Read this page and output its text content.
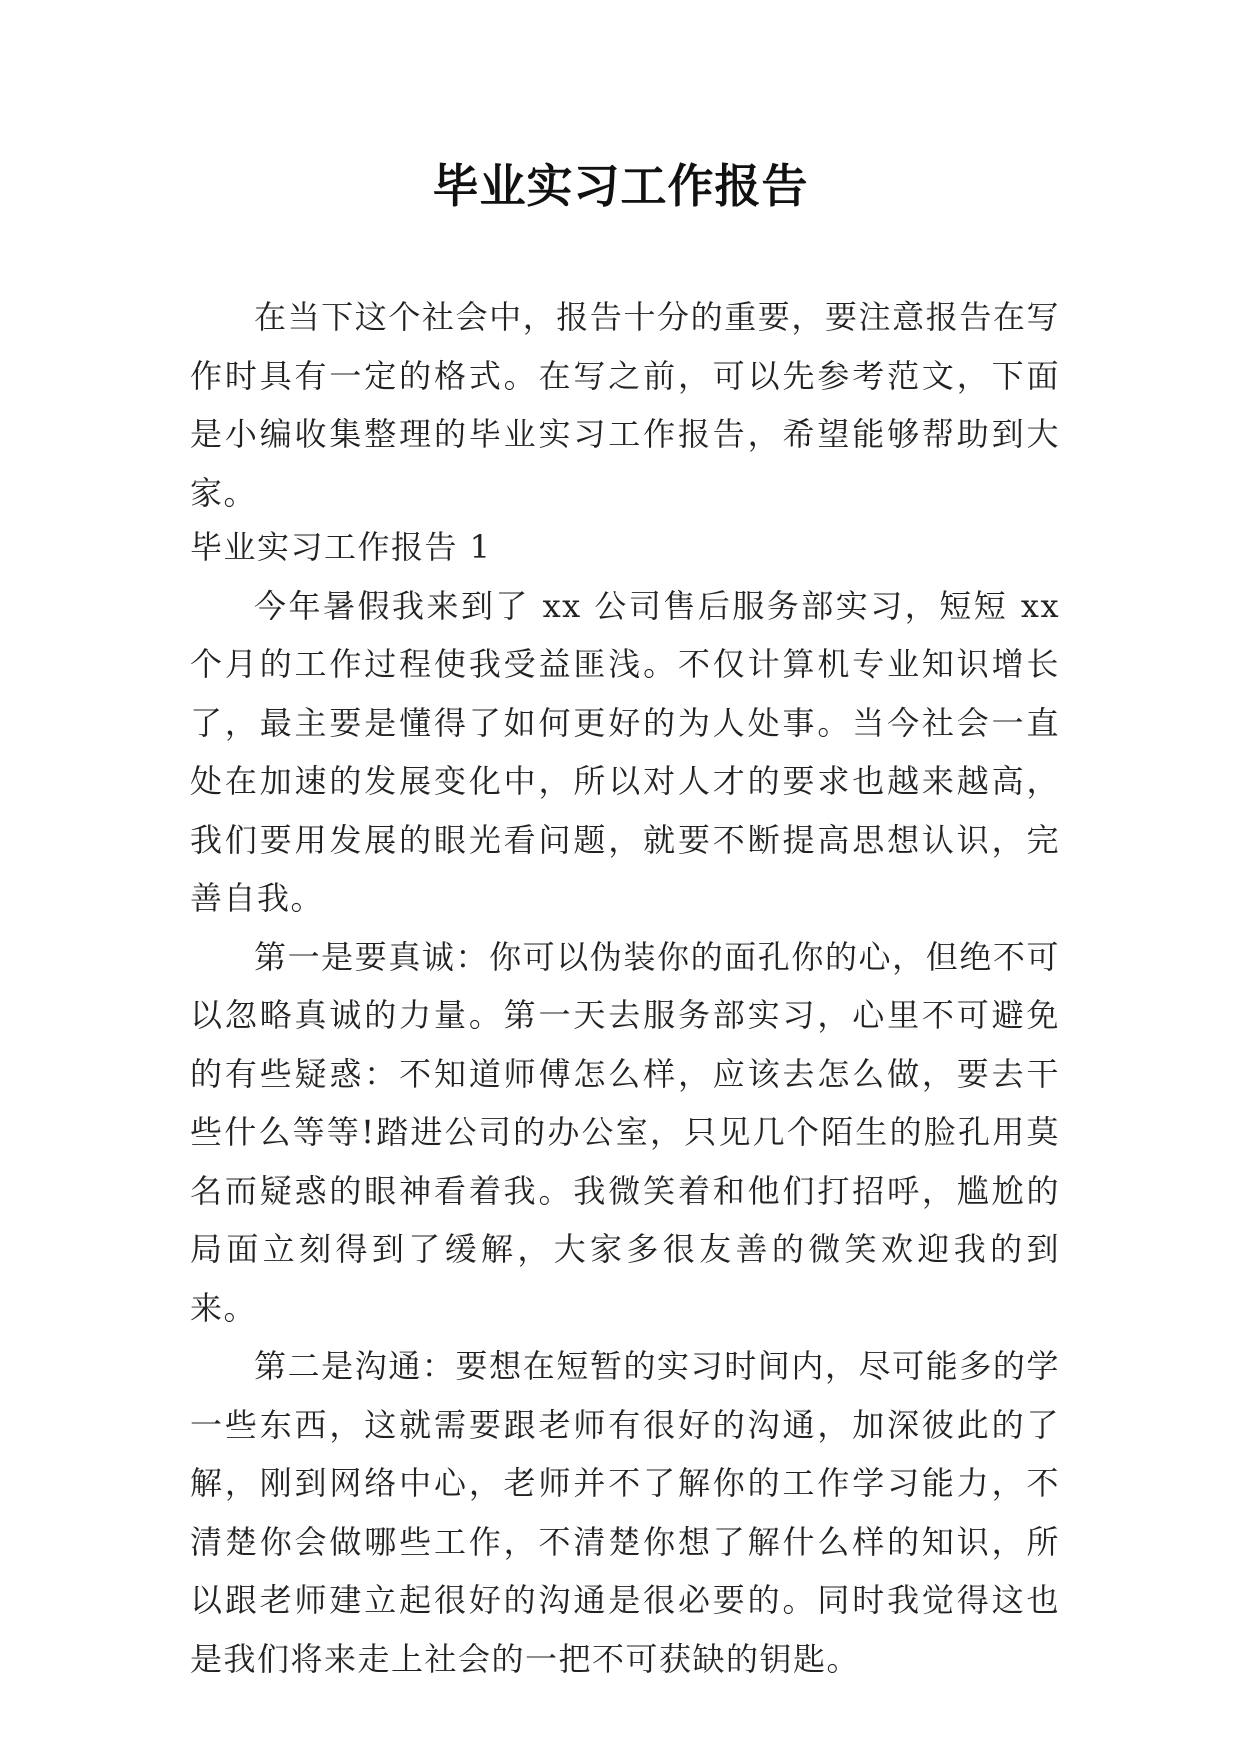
毕业实习工作报告

在当下这个社会中，报告十分的重要，要注意报告在写作时具有一定的格式。在写之前，可以先参考范文，下面是小编收集整理的毕业实习工作报告，希望能够帮助到大家。

毕业实习工作报告 1

今年暑假我来到了 xx 公司售后服务部实习，短短 xx 个月的工作过程使我受益匪浅。不仅计算机专业知识增长了，最主要是懂得了如何更好的为人处事。当今社会一直处在加速的发展变化中，所以对人才的要求也越来越高，我们要用发展的眼光看问题，就要不断提高思想认识，完善自我。

第一是要真诚：你可以伪装你的面孔你的心，但绝不可以忽略真诚的力量。第一天去服务部实习，心里不可避免的有些疑惑：不知道师傅怎么样，应该去怎么做，要去干些什么等等!踏进公司的办公室，只见几个陌生的脸孔用莫名而疑惑的眼神看着我。我微笑着和他们打招呼，尴尬的局面立刻得到了缓解，大家多很友善的微笑欢迎我的到来。

第二是沟通：要想在短暂的实习时间内，尽可能多的学一些东西，这就需要跟老师有很好的沟通，加深彼此的了解，刚到网络中心，老师并不了解你的工作学习能力，不清楚你会做哪些工作，不清楚你想了解什么样的知识，所以跟老师建立起很好的沟通是很必要的。同时我觉得这也是我们将来走上社会的一把不可获缺的钥匙。
